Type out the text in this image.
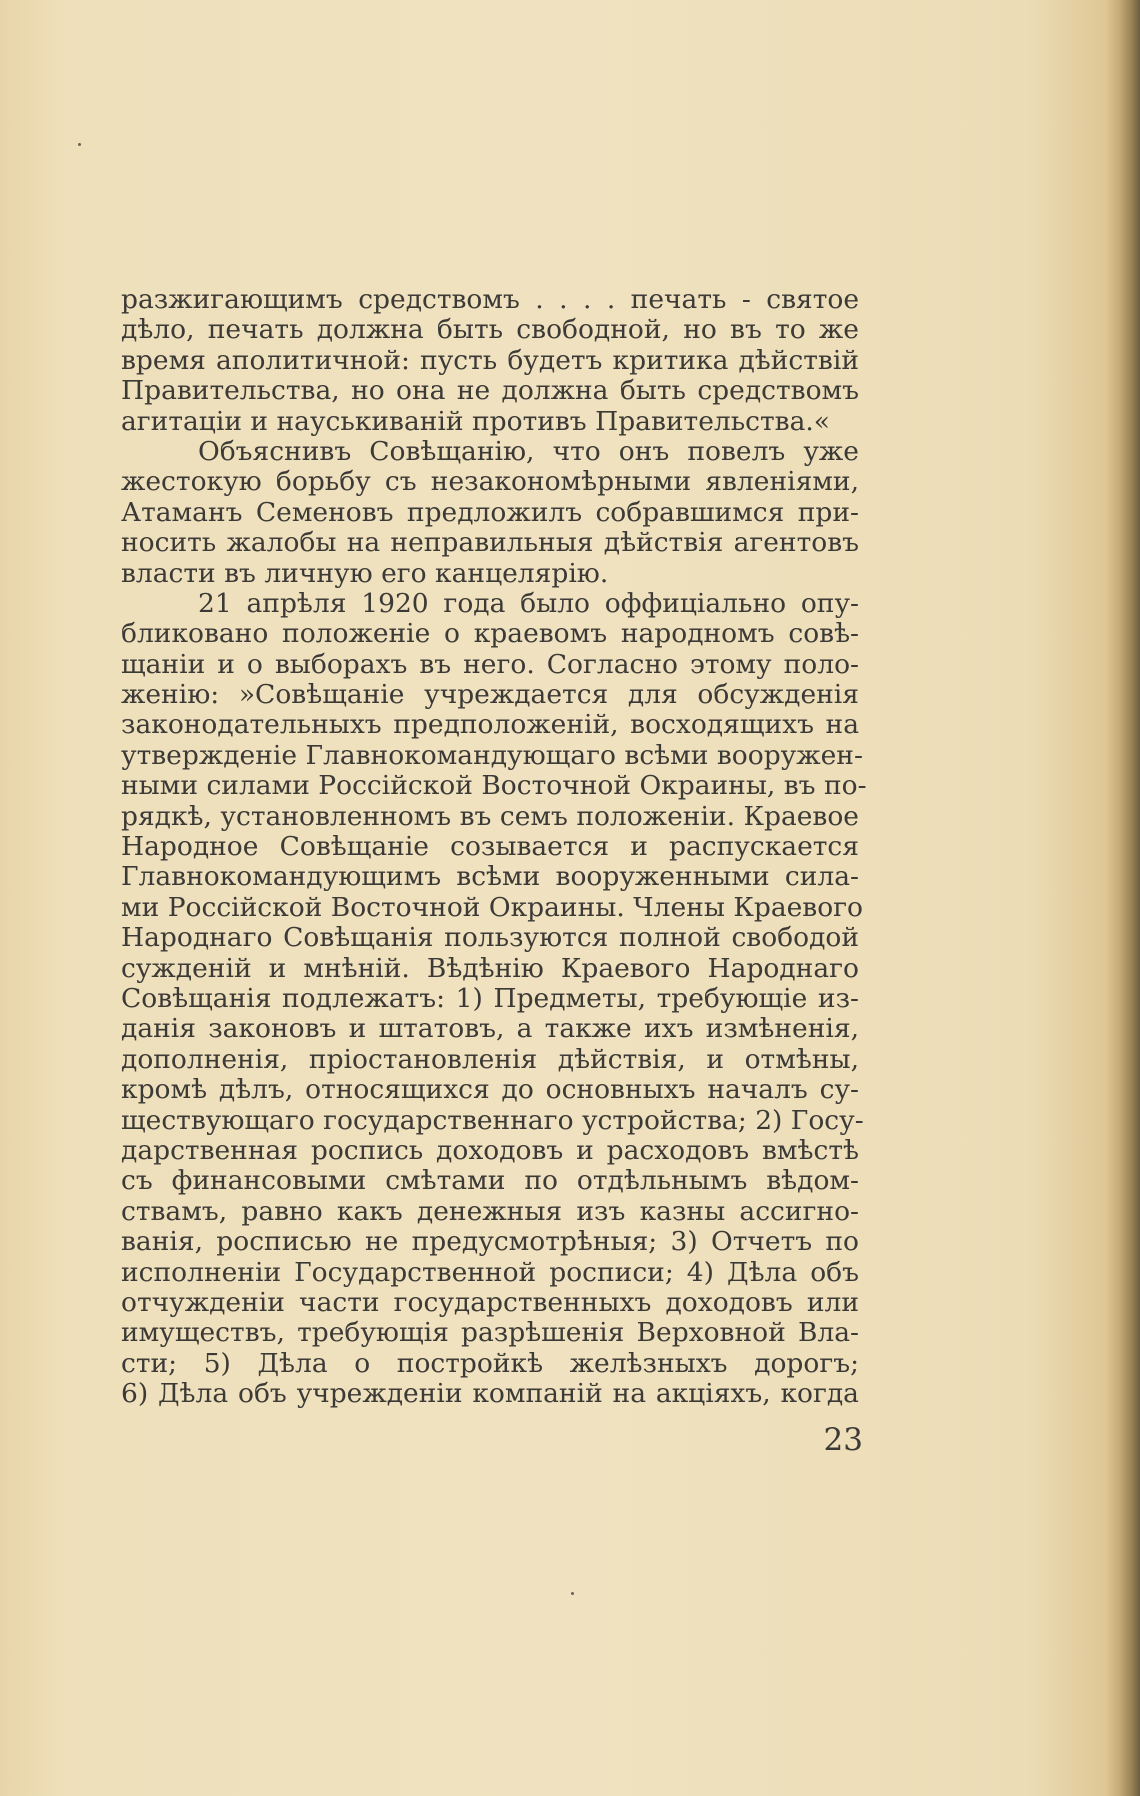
разжигающимъ средствомъ . . . . печать - святое
дѣло, печать должна быть свободной, но въ то же
время аполитичной: пусть будетъ критика дѣйствій
Правительства, но она не должна быть средствомъ
агитаціи и науськиваній противъ Правительства.«
Объяснивъ Совѣщанію, что онъ повелъ уже
жестокую борьбу съ незакономѣрными явленіями,
Атаманъ Семеновъ предложилъ собравшимся при-
носить жалобы на неправильныя дѣйствія агентовъ
власти въ личную его канцелярію.
21 апрѣля 1920 года было оффиціально опу-
бликовано положеніе о краевомъ народномъ совѣ-
щаніи и о выборахъ въ него. Согласно этому поло-
женію: »Совѣщаніе учреждается для обсужденія
законодательныхъ предположеній, восходящихъ на
утвержденіе Главнокомандующаго всѣми вооружен-
ными силами Россійской Восточной Окраины, въ по-
рядкѣ, установленномъ въ семъ положеніи. Краевое
Народное Совѣщаніе созывается и распускается
Главнокомандующимъ всѣми вооруженными сила-
ми Россійской Восточной Окраины. Члены Краевого
Народнаго Совѣщанія пользуются полной свободой
сужденій и мнѣній. Вѣдѣнію Краевого Народнаго
Совѣщанія подлежатъ: 1) Предметы, требующіе из-
данія законовъ и штатовъ, а также ихъ измѣненія,
дополненія, пріостановленія дѣйствія, и отмѣны,
кромѣ дѣлъ, относящихся до основныхъ началъ су-
ществующаго государственнаго устройства; 2) Госу-
дарственная роспись доходовъ и расходовъ вмѣстѣ
съ финансовыми смѣтами по отдѣльнымъ вѣдом-
ствамъ, равно какъ денежныя изъ казны ассигно-
ванія, росписью не предусмотрѣныя; 3) Отчетъ по
исполненіи Государственной росписи; 4) Дѣла объ
отчужденіи части государственныхъ доходовъ или
имуществъ, требующія разрѣшенія Верховной Вла-
сти; 5) Дѣла о постройкѣ желѣзныхъ дорогъ;
6) Дѣла объ учрежденіи компаній на акціяхъ, когда
23
